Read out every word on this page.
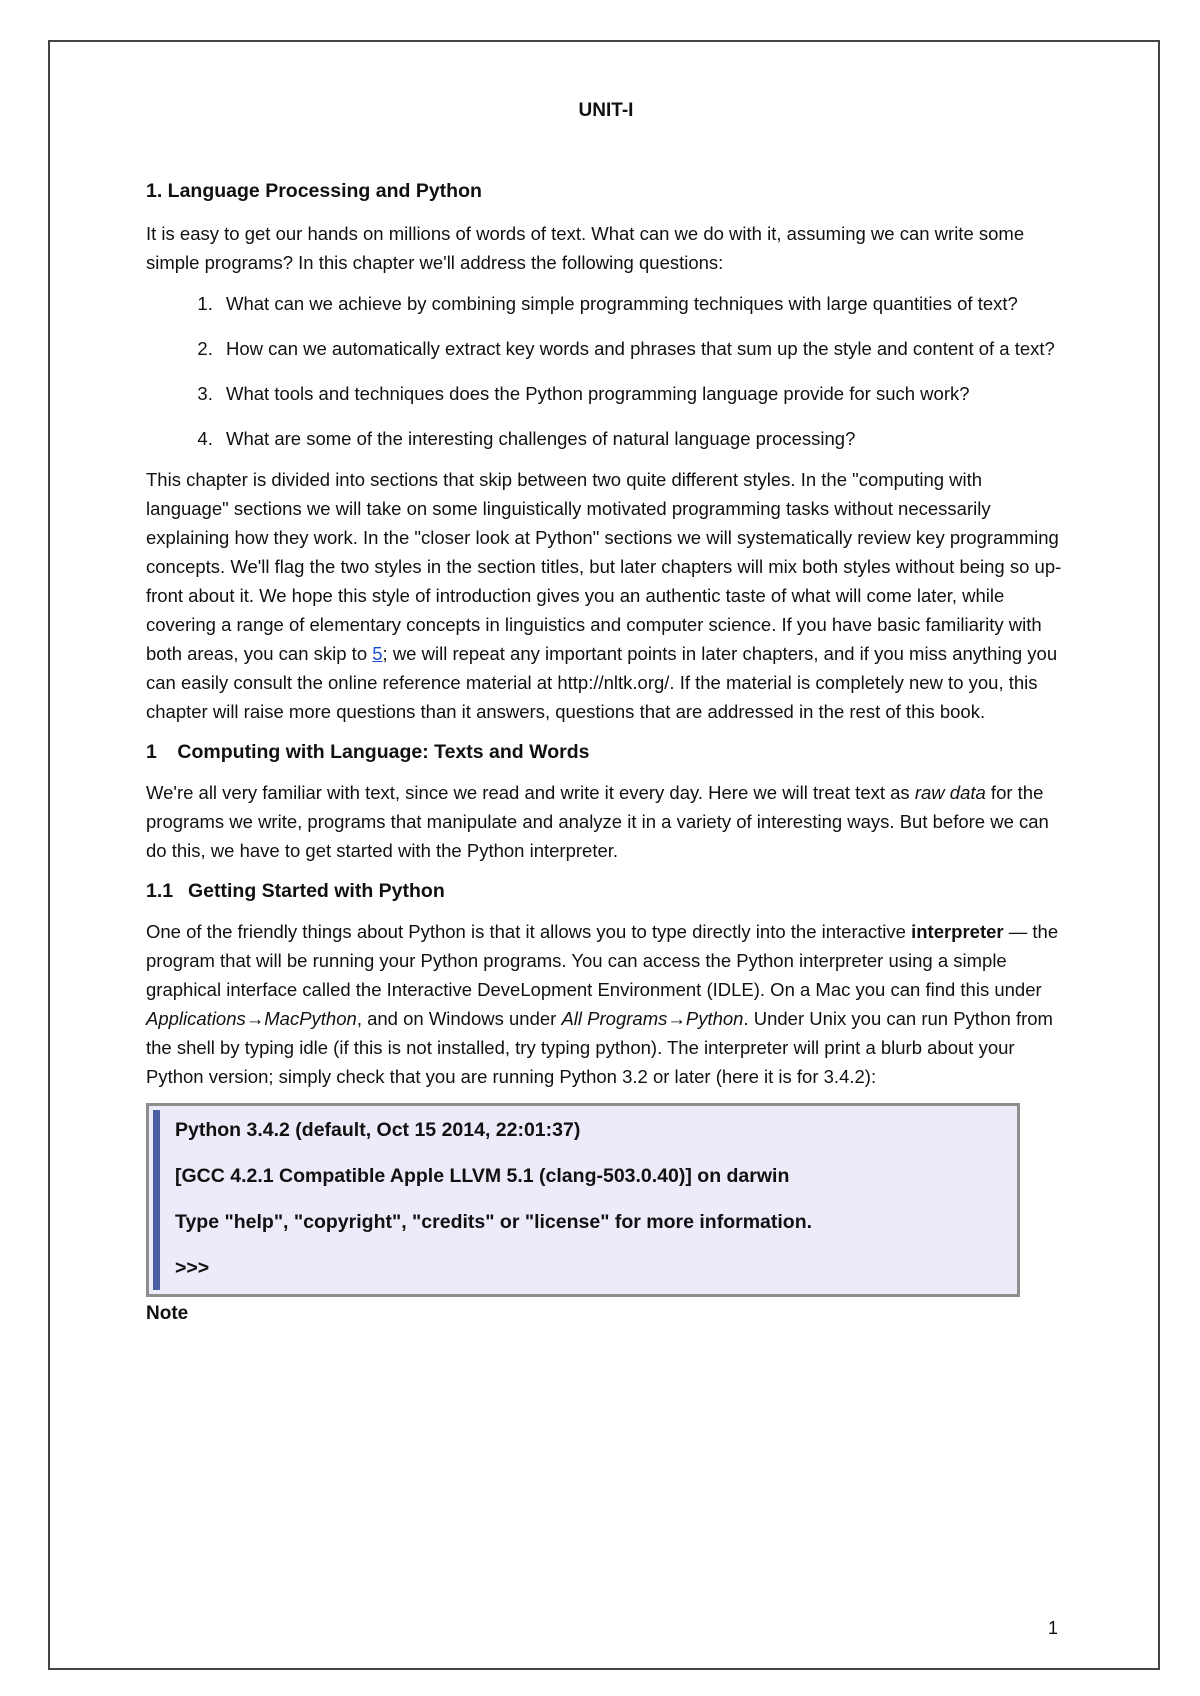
UNIT-I
1. Language Processing and Python

It is easy to get our hands on millions of words of text. What can we do with it, assuming we can write some simple programs? In this chapter we'll address the following questions:

1. What can we achieve by combining simple programming techniques with large quantities of text?
2. How can we automatically extract key words and phrases that sum up the style and content of a text?
3. What tools and techniques does the Python programming language provide for such work?
4. What are some of the interesting challenges of natural language processing?

This chapter is divided into sections that skip between two quite different styles. In the "computing with language" sections we will take on some linguistically motivated programming tasks without necessarily explaining how they work. In the "closer look at Python" sections we will systematically review key programming concepts. We'll flag the two styles in the section titles, but later chapters will mix both styles without being so up-front about it. We hope this style of introduction gives you an authentic taste of what will come later, while covering a range of elementary concepts in linguistics and computer science. If you have basic familiarity with both areas, you can skip to 5; we will repeat any important points in later chapters, and if you miss anything you can easily consult the online reference material at http://nltk.org/. If the material is completely new to you, this chapter will raise more questions than it answers, questions that are addressed in the rest of this book.

1 Computing with Language: Texts and Words

We're all very familiar with text, since we read and write it every day. Here we will treat text as raw data for the programs we write, programs that manipulate and analyze it in a variety of interesting ways. But before we can do this, we have to get started with the Python interpreter.

1.1 Getting Started with Python

One of the friendly things about Python is that it allows you to type directly into the interactive interpreter — the program that will be running your Python programs. You can access the Python interpreter using a simple graphical interface called the Interactive DeveLopment Environment (IDLE). On a Mac you can find this under Applications→MacPython, and on Windows under All Programs→Python. Under Unix you can run Python from the shell by typing idle (if this is not installed, try typing python). The interpreter will print a blurb about your Python version; simply check that you are running Python 3.2 or later (here it is for 3.4.2):

Python 3.4.2 (default, Oct 15 2014, 22:01:37)
[GCC 4.2.1 Compatible Apple LLVM 5.1 (clang-503.0.40)] on darwin
Type "help", "copyright", "credits" or "license" for more information.
>>>
Note
1
